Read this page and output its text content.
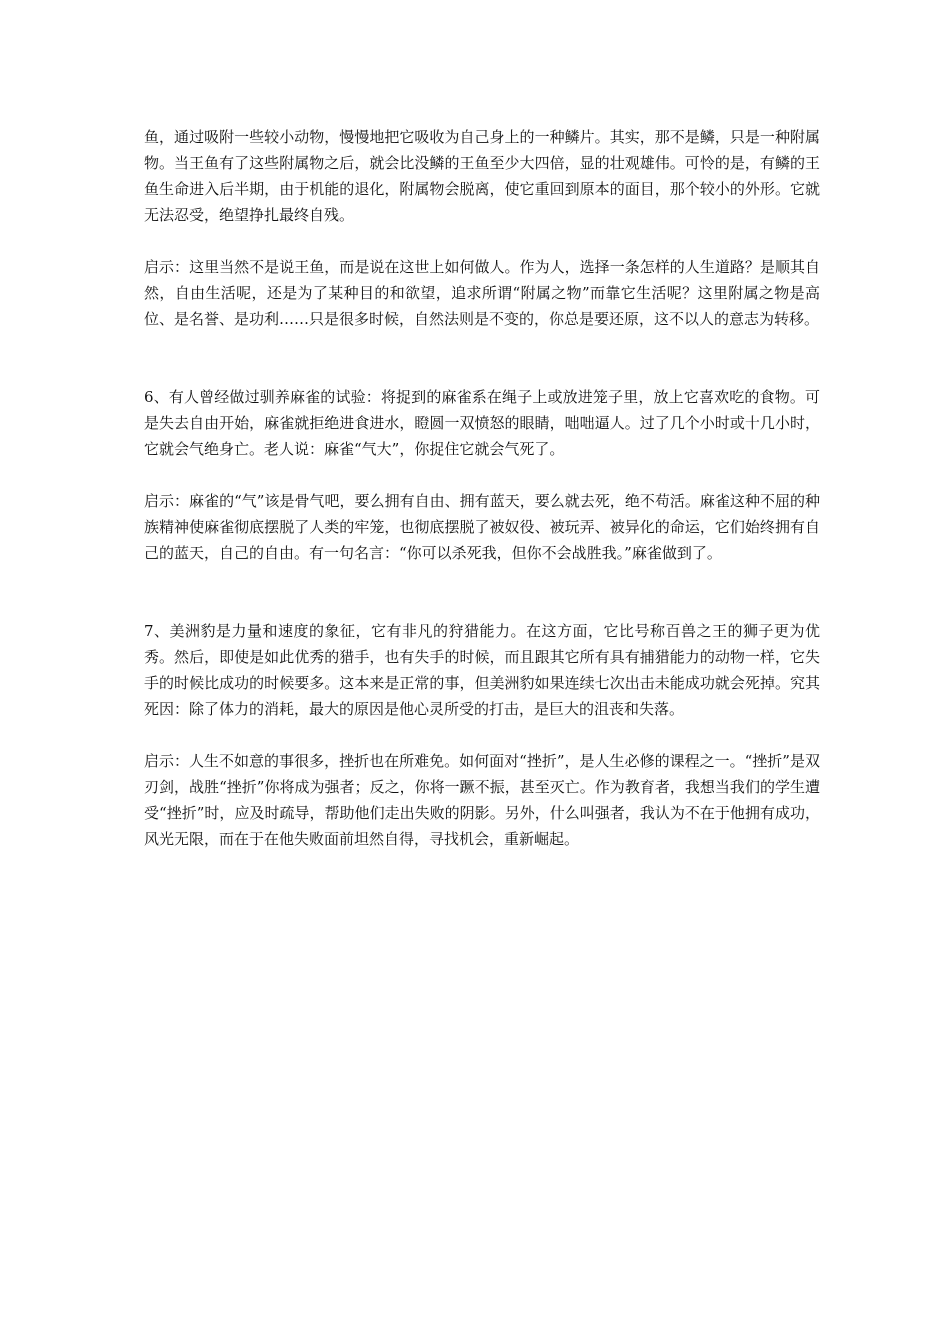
鱼，通过吸附一些较小动物，慢慢地把它吸收为自己身上的一种鳞片。其实，那不是鳞，只是一种附属物。当王鱼有了这些附属物之后，就会比没鳞的王鱼至少大四倍，显的壮观雄伟。可怜的是，有鳞的王鱼生命进入后半期，由于机能的退化，附属物会脱离，使它重回到原本的面目，那个较小的外形。它就无法忍受，绝望挣扎最终自残。

启示：这里当然不是说王鱼，而是说在这世上如何做人。作为人，选择一条怎样的人生道路？是顺其自然，自由生活呢，还是为了某种目的和欲望，追求所谓“附属之物”而靠它生活呢？这里附属之物是高位、是名誉、是功利……只是很多时候，自然法则是不变的，你总是要还原，这不以人的意志为转移。

6、有人曾经做过驯养麻雀的试验：将捉到的麻雀系在绳子上或放进笼子里，放上它喜欢吃的食物。可是失去自由开始，麻雀就拒绝进食进水，瞪圆一双愤怒的眼睛，咄咄逼人。过了几个小时或十几小时，它就会气绝身亡。老人说：麻雀“气大”，你捉住它就会气死了。

启示：麻雀的“气”该是骨气吧，要么拥有自由、拥有蓝天，要么就去死，绝不苟活。麻雀这种不屈的种族精神使麻雀彻底摆脱了人类的牢笼，也彻底摆脱了被奴役、被玩弄、被异化的命运，它们始终拥有自己的蓝天，自己的自由。有一句名言：“你可以杀死我，但你不会战胜我。”麻雀做到了。

7、美洲豹是力量和速度的象征，它有非凡的狩猎能力。在这方面，它比号称百兽之王的狮子更为优秀。然后，即使是如此优秀的猎手，也有失手的时候，而且跟其它所有具有捕猎能力的动物一样，它失手的时候比成功的时候要多。这本来是正常的事，但美洲豹如果连续七次出击未能成功就会死掉。究其死因：除了体力的消耗，最大的原因是他心灵所受的打击，是巨大的沮丧和失落。

启示：人生不如意的事很多，挫折也在所难免。如何面对“挫折”，是人生必修的课程之一。“挫折”是双刃剑，战胜“挫折”你将成为强者；反之，你将一蹶不振，甚至灭亡。作为教育者，我想当我们的学生遭受“挫折”时，应及时疏导，帮助他们走出失败的阴影。另外，什么叫强者，我认为不在于他拥有成功，风光无限，而在于在他失败面前坦然自得，寻找机会，重新崛起。
